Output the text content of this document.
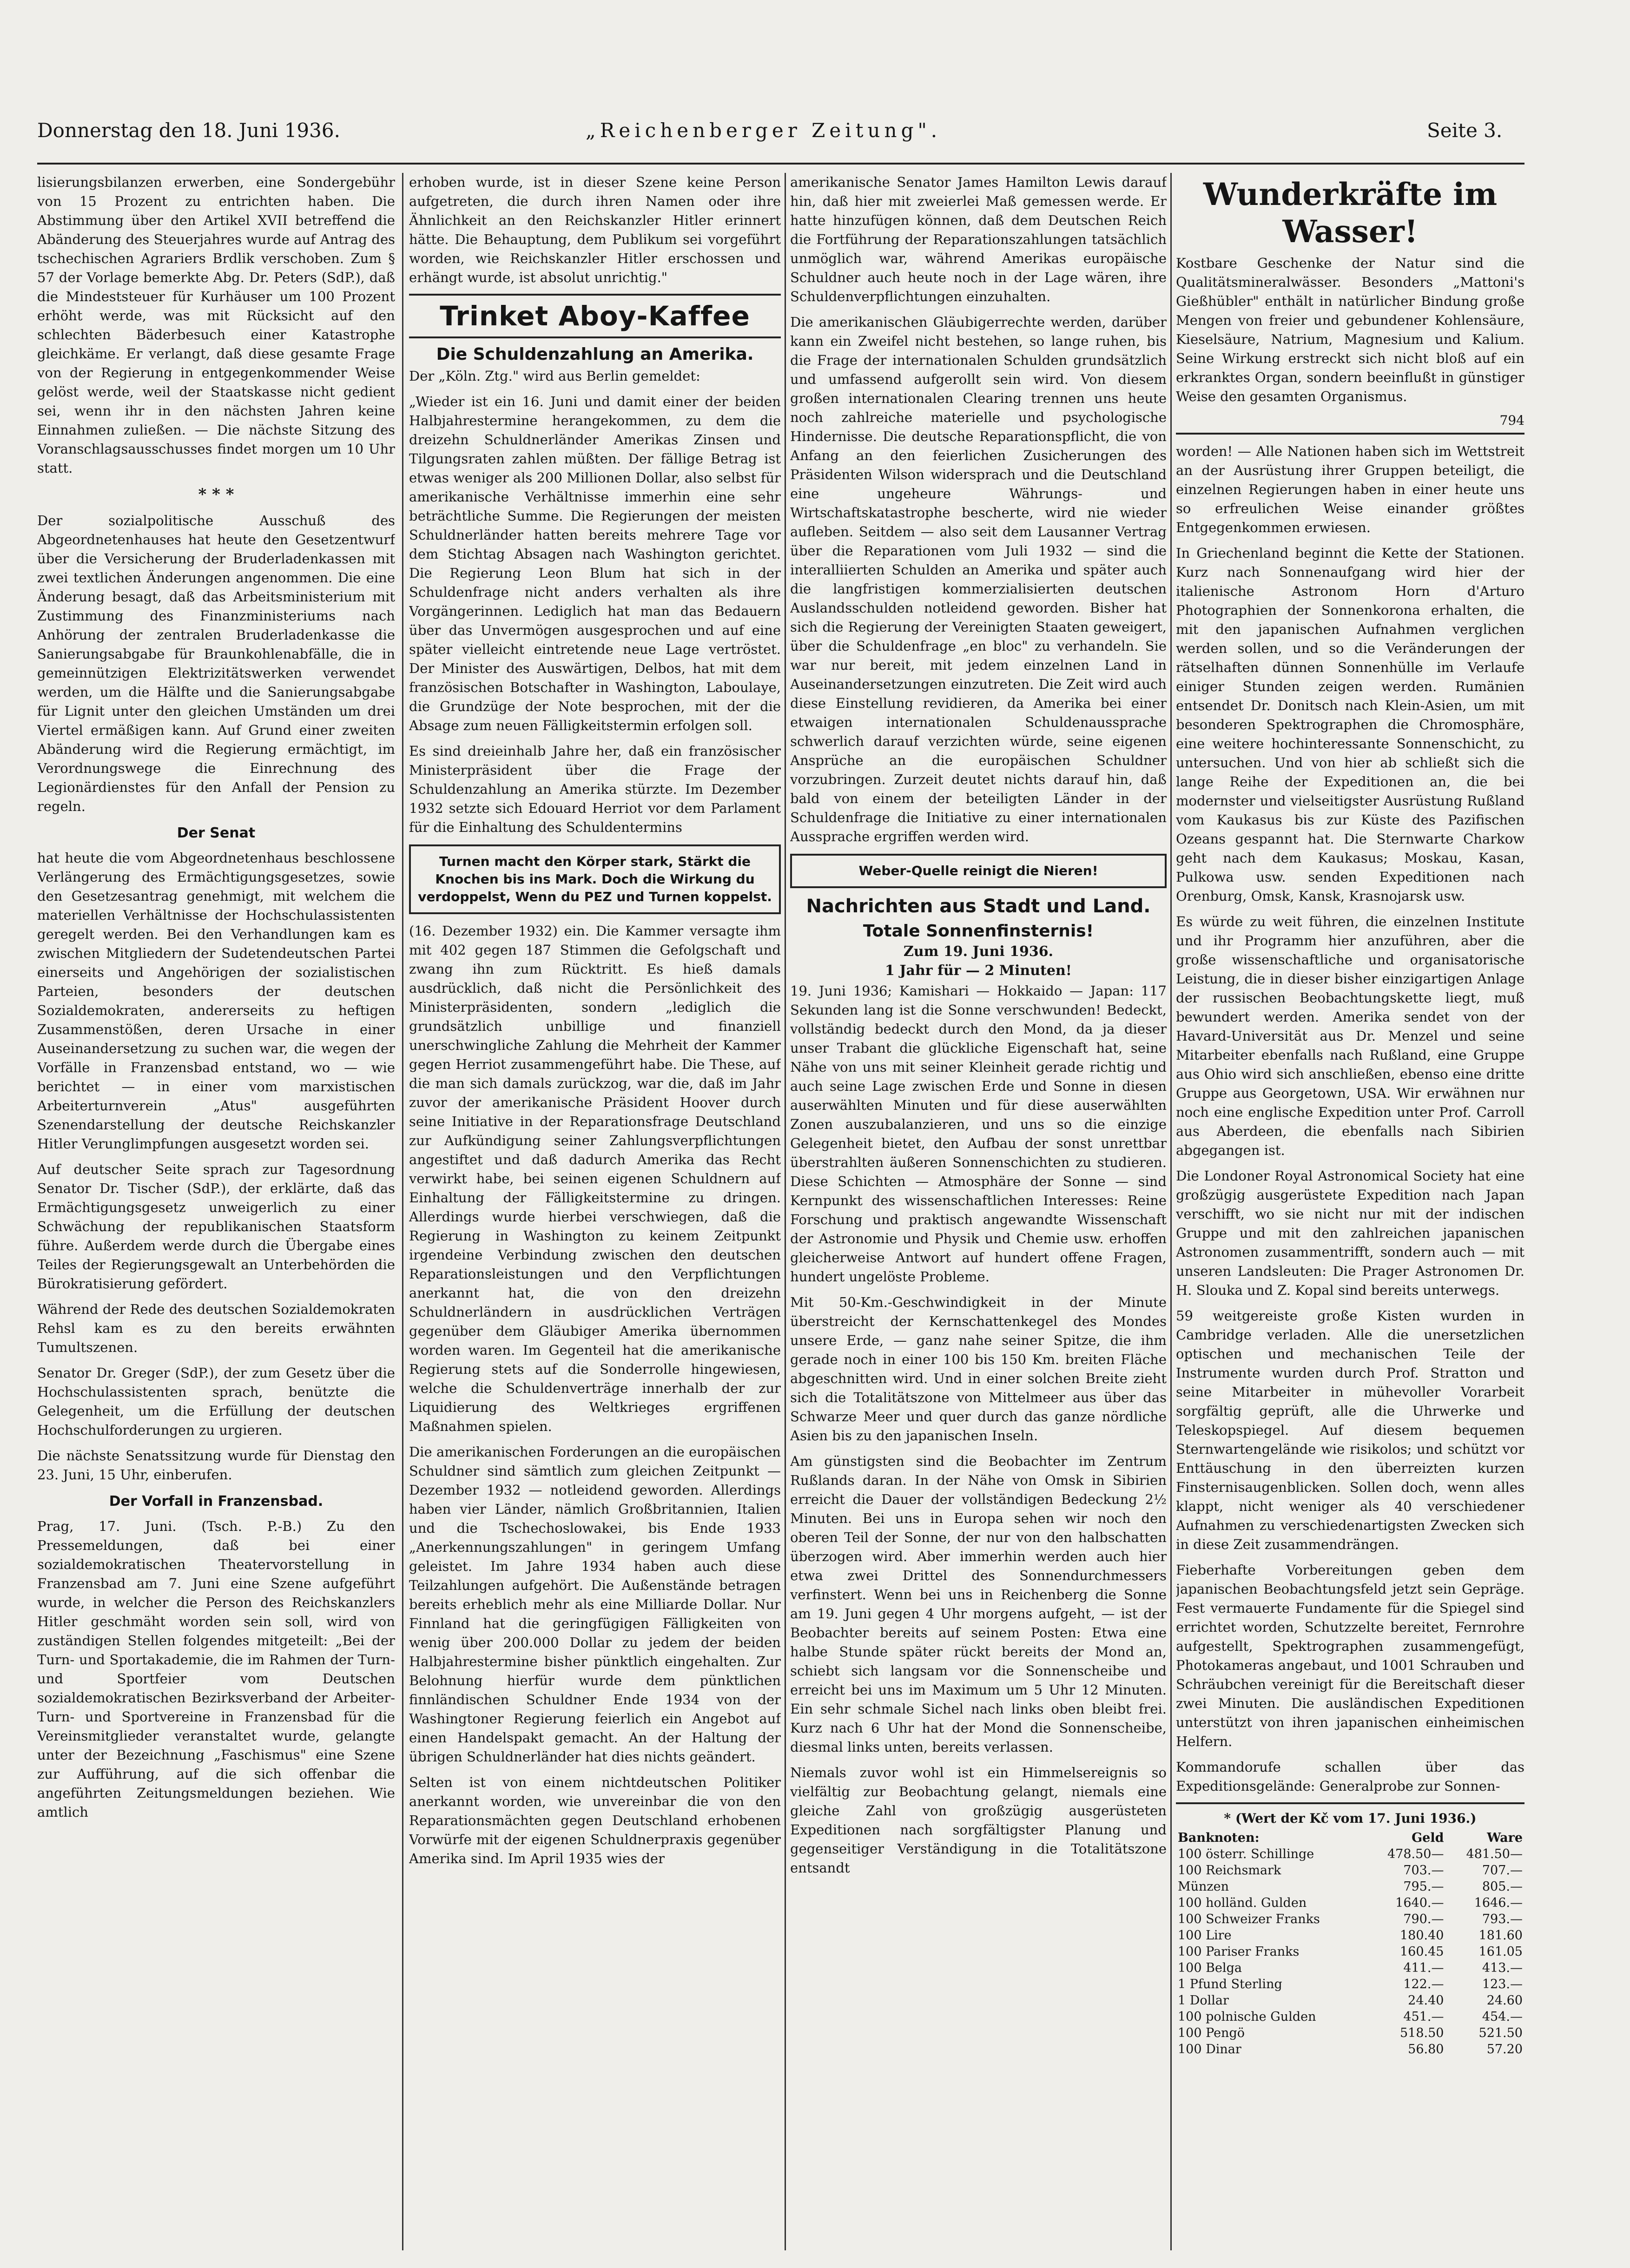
Donnerstag den 18. Juni 1936.	„Reichenberger Zeitung".	Seite 3.

lisierungsbilanzen erwerben, eine Sondergebühr von 15 Prozent zu entrichten haben. Die Abstimmung über den Artikel XVII betreffend die Abänderung des Steuerjahres wurde auf Antrag des tschechischen Agrariers Brdlik verschoben. Zum § 57 der Vorlage bemerkte Abg. Dr. Peters (SdP.), daß die Mindeststeuer für Kurhäuser um 100 Prozent erhöht werde, was mit Rücksicht auf den schlechten Bäderbesuch einer Katastrophe gleichkäme. Er verlangt, daß diese gesamte Frage von der Regierung in entgegenkommender Weise gelöst werde, weil der Staatskasse nicht gedient sei, wenn ihr in den nächsten Jahren keine Einnahmen zuließen. — Die nächste Sitzung des Voranschlagsausschusses findet morgen um 10 Uhr statt.

* * *

Der sozialpolitische Ausschuß des Abgeordnetenhauses hat heute den Gesetzentwurf über die Versicherung der Bruderladenkassen mit zwei textlichen Änderungen angenommen. Die eine Änderung besagt, daß das Arbeitsministerium mit Zustimmung des Finanzministeriums nach Anhörung der zentralen Bruderladenkasse die Sanierungsabgabe für Braunkohlenabfälle, die in gemeinnützigen Elektrizitätswerken verwendet werden, um die Hälfte und die Sanierungsabgabe für Lignit unter den gleichen Umständen um drei Viertel ermäßigen kann. Auf Grund einer zweiten Abänderung wird die Regierung ermächtigt, im Verordnungswege die Einrechnung des Legionärdienstes für den Anfall der Pension zu regeln.

Der Senat

hat heute die vom Abgeordnetenhaus beschlossene Verlängerung des Ermächtigungsgesetzes, sowie den Gesetzesantrag genehmigt, mit welchem die materiellen Verhältnisse der Hochschulassistenten geregelt werden. Bei den Verhandlungen kam es zwischen Mitgliedern der Sudetendeutschen Partei einerseits und Angehörigen der sozialistischen Parteien, besonders der deutschen Sozialdemokraten, andererseits zu heftigen Zusammenstößen, deren Ursache in einer Auseinandersetzung zu suchen war, die wegen der Vorfälle in Franzensbad entstand, wo — wie berichtet — in einer vom marxistischen Arbeiterturnverein „Atus" ausgeführten Szenendarstellung der deutsche Reichskanzler Hitler Verunglimpfungen ausgesetzt worden sei.

Auf deutscher Seite sprach zur Tagesordnung Senator Dr. Tischer (SdP.), der erklärte, daß das Ermächtigungsgesetz unweigerlich zu einer Schwächung der republikanischen Staatsform führe. Außerdem werde durch die Übergabe eines Teiles der Regierungsgewalt an Unterbehörden die Bürokratisierung gefördert.

Während der Rede des deutschen Sozialdemokraten Rehsl kam es zu den bereits erwähnten Tumultszenen.

Senator Dr. Greger (SdP.), der zum Gesetz über die Hochschulassistenten sprach, benützte die Gelegenheit, um die Erfüllung der deutschen Hochschulforderungen zu urgieren.

Die nächste Senatssitzung wurde für Dienstag den 23. Juni, 15 Uhr, einberufen.

Der Vorfall in Franzensbad.

Prag, 17. Juni. (Tsch. P.-B.) Zu den Pressemeldungen, daß bei einer sozialdemokratischen Theatervorstellung in Franzensbad am 7. Juni eine Szene aufgeführt wurde, in welcher die Person des Reichskanzlers Hitler geschmäht worden sein soll, wird von zuständigen Stellen folgendes mitgeteilt: „Bei der Turn- und Sportakademie, die im Rahmen der Turn- und Sportfeier vom Deutschen sozialdemokratischen Bezirksverband der Arbeiter-Turn- und Sportvereine in Franzensbad für die Vereinsmitglieder veranstaltet wurde, gelangte unter der Bezeichnung „Faschismus" eine Szene zur Aufführung, auf die sich offenbar die angeführten Zeitungsmeldungen beziehen. Wie amtlich

erhoben wurde, ist in dieser Szene keine Person aufgetreten, die durch ihren Namen oder ihre Ähnlichkeit an den Reichskanzler Hitler erinnert hätte. Die Behauptung, dem Publikum sei vorgeführt worden, wie Reichskanzler Hitler erschossen und erhängt wurde, ist absolut unrichtig."

Trinket Aboy-Kaffee
Die Schuldenzahlung an Amerika.

Der „Köln. Ztg." wird aus Berlin gemeldet:

„Wieder ist ein 16. Juni und damit einer der beiden Halbjahrestermine herangekommen, zu dem die dreizehn Schuldnerländer Amerikas Zinsen und Tilgungsraten zahlen müßten. Der fällige Betrag ist etwas weniger als 200 Millionen Dollar, also selbst für amerikanische Verhältnisse immerhin eine sehr beträchtliche Summe. Die Regierungen der meisten Schuldnerländer hatten bereits mehrere Tage vor dem Stichtag Absagen nach Washington gerichtet. Die Regierung Leon Blum hat sich in der Schuldenfrage nicht anders verhalten als ihre Vorgängerinnen. Lediglich hat man das Bedauern über das Unvermögen ausgesprochen und auf eine später vielleicht eintretende neue Lage vertröstet. Der Minister des Auswärtigen, Delbos, hat mit dem französischen Botschafter in Washington, Laboulaye, die Grundzüge der Note besprochen, mit der die Absage zum neuen Fälligkeitstermin erfolgen soll.

Es sind dreieinhalb Jahre her, daß ein französischer Ministerpräsident über die Frage der Schuldenzahlung an Amerika stürzte. Im Dezember 1932 setzte sich Edouard Herriot vor dem Parlament für die Einhaltung des Schuldentermins

Turnen macht den Körper stark, Stärkt die Knochen bis ins Mark. Doch die Wirkung du verdoppelst, Wenn du PEZ und Turnen koppelst.

(16. Dezember 1932) ein. Die Kammer versagte ihm mit 402 gegen 187 Stimmen die Gefolgschaft und zwang ihn zum Rücktritt. Es hieß damals ausdrücklich, daß nicht die Persönlichkeit des Ministerpräsidenten, sondern „lediglich die grundsätzlich unbillige und finanziell unerschwingliche Zahlung die Mehrheit der Kammer gegen Herriot zusammengeführt habe. Die These, auf die man sich damals zurückzog, war die, daß im Jahr zuvor der amerikanische Präsident Hoover durch seine Initiative in der Reparationsfrage Deutschland zur Aufkündigung seiner Zahlungsverpflichtungen angestiftet und daß dadurch Amerika das Recht verwirkt habe, bei seinen eigenen Schuldnern auf Einhaltung der Fälligkeitstermine zu dringen. Allerdings wurde hierbei verschwiegen, daß die Regierung in Washington zu keinem Zeitpunkt irgendeine Verbindung zwischen den deutschen Reparationsleistungen und den Verpflichtungen anerkannt hat, die von den dreizehn Schuldnerländern in ausdrücklichen Verträgen gegenüber dem Gläubiger Amerika übernommen worden waren. Im Gegenteil hat die amerikanische Regierung stets auf die Sonderrolle hingewiesen, welche die Schuldenverträge innerhalb der zur Liquidierung des Weltkrieges ergriffenen Maßnahmen spielen.

Die amerikanischen Forderungen an die europäischen Schuldner sind sämtlich zum gleichen Zeitpunkt — Dezember 1932 — notleidend geworden. Allerdings haben vier Länder, nämlich Großbritannien, Italien und die Tschechoslowakei, bis Ende 1933 „Anerkennungszahlungen" in geringem Umfang geleistet. Im Jahre 1934 haben auch diese Teilzahlungen aufgehört. Die Außenstände betragen bereits erheblich mehr als eine Milliarde Dollar. Nur Finnland hat die geringfügigen Fälligkeiten von wenig über 200.000 Dollar zu jedem der beiden Halbjahrestermine bisher pünktlich eingehalten. Zur Belohnung hierfür wurde dem pünktlichen finnländischen Schuldner Ende 1934 von der Washingtoner Regierung feierlich ein Angebot auf einen Handelspakt gemacht. An der Haltung der übrigen Schuldnerländer hat dies nichts geändert.

Selten ist von einem nichtdeutschen Politiker anerkannt worden, wie unvereinbar die von den Reparationsmächten gegen Deutschland erhobenen Vorwürfe mit der eigenen Schuldnerpraxis gegenüber Amerika sind. Im April 1935 wies der

amerikanische Senator James Hamilton Lewis darauf hin, daß hier mit zweierlei Maß gemessen werde. Er hatte hinzufügen können, daß dem Deutschen Reich die Fortführung der Reparationszahlungen tatsächlich unmöglich war, während Amerikas europäische Schuldner auch heute noch in der Lage wären, ihre Schuldenverpflichtungen einzuhalten.

Die amerikanischen Gläubigerrechte werden, darüber kann ein Zweifel nicht bestehen, so lange ruhen, bis die Frage der internationalen Schulden grundsätzlich und umfassend aufgerollt sein wird. Von diesem großen internationalen Clearing trennen uns heute noch zahlreiche materielle und psychologische Hindernisse. Die deutsche Reparationspflicht, die von Anfang an den feierlichen Zusicherungen des Präsidenten Wilson widersprach und die Deutschland eine ungeheure Währungs- und Wirtschaftskatastrophe bescherte, wird nie wieder aufleben. Seitdem — also seit dem Lausanner Vertrag über die Reparationen vom Juli 1932 — sind die interalliierten Schulden an Amerika und später auch die langfristigen kommerzialisierten deutschen Auslandsschulden notleidend geworden. Bisher hat sich die Regierung der Vereinigten Staaten geweigert, über die Schuldenfrage „en bloc" zu verhandeln. Sie war nur bereit, mit jedem einzelnen Land in Auseinandersetzungen einzutreten. Die Zeit wird auch diese Einstellung revidieren, da Amerika bei einer etwaigen internationalen Schuldenaussprache schwerlich darauf verzichten würde, seine eigenen Ansprüche an die europäischen Schuldner vorzubringen. Zurzeit deutet nichts darauf hin, daß bald von einem der beteiligten Länder in der Schuldenfrage die Initiative zu einer internationalen Aussprache ergriffen werden wird.

Weber-Quelle reinigt die Nieren!
Nachrichten aus Stadt und Land.
Totale Sonnenfinsternis!
Zum 19. Juni 1936.
1 Jahr für — 2 Minuten!

19. Juni 1936; Kamishari — Hokkaido — Japan: 117 Sekunden lang ist die Sonne verschwunden! Bedeckt, vollständig bedeckt durch den Mond, da ja dieser unser Trabant die glückliche Eigenschaft hat, seine Nähe von uns mit seiner Kleinheit gerade richtig und auch seine Lage zwischen Erde und Sonne in diesen auserwählten Minuten und für diese auserwählten Zonen auszubalanzieren, und uns so die einzige Gelegenheit bietet, den Aufbau der sonst unrettbar überstrahlten äußeren Sonnenschichten zu studieren. Diese Schichten — Atmosphäre der Sonne — sind Kernpunkt des wissenschaftlichen Interesses: Reine Forschung und praktisch angewandte Wissenschaft der Astronomie und Physik und Chemie usw. erhoffen gleicherweise Antwort auf hundert offene Fragen, hundert ungelöste Probleme.

Mit 50-Km.-Geschwindigkeit in der Minute überstreicht der Kernschattenkegel des Mondes unsere Erde, — ganz nahe seiner Spitze, die ihm gerade noch in einer 100 bis 150 Km. breiten Fläche abgeschnitten wird. Und in einer solchen Breite zieht sich die Totalitätszone von Mittelmeer aus über das Schwarze Meer und quer durch das ganze nördliche Asien bis zu den japanischen Inseln.

Am günstigsten sind die Beobachter im Zentrum Rußlands daran. In der Nähe von Omsk in Sibirien erreicht die Dauer der vollständigen Bedeckung 2½ Minuten. Bei uns in Europa sehen wir noch den oberen Teil der Sonne, der nur von den halbschatten überzogen wird. Aber immerhin werden auch hier etwa zwei Drittel des Sonnendurchmessers verfinstert. Wenn bei uns in Reichenberg die Sonne am 19. Juni gegen 4 Uhr morgens aufgeht, — ist der Beobachter bereits auf seinem Posten: Etwa eine halbe Stunde später rückt bereits der Mond an, schiebt sich langsam vor die Sonnenscheibe und erreicht bei uns im Maximum um 5 Uhr 12 Minuten. Ein sehr schmale Sichel nach links oben bleibt frei. Kurz nach 6 Uhr hat der Mond die Sonnenscheibe, diesmal links unten, bereits verlassen.

Niemals zuvor wohl ist ein Himmelsereignis so vielfältig zur Beobachtung gelangt, niemals eine gleiche Zahl von großzügig ausgerüsteten Expeditionen nach sorgfältigster Planung und gegenseitiger Verständigung in die Totalitätszone entsandt

Wunderkräfte im Wasser!

Kostbare Geschenke der Natur sind die Qualitätsmineralwässer. Besonders „Mattoni's Gießhübler" enthält in natürlicher Bindung große Mengen von freier und gebundener Kohlensäure, Kieselsäure, Natrium, Magnesium und Kalium. Seine Wirkung erstreckt sich nicht bloß auf ein erkranktes Organ, sondern beeinflußt in günstiger Weise den gesamten Organismus.

794

worden! — Alle Nationen haben sich im Wettstreit an der Ausrüstung ihrer Gruppen beteiligt, die einzelnen Regierungen haben in einer heute uns so erfreulichen Weise einander größtes Entgegenkommen erwiesen.

In Griechenland beginnt die Kette der Stationen. Kurz nach Sonnenaufgang wird hier der italienische Astronom Horn d'Arturo Photographien der Sonnenkorona erhalten, die mit den japanischen Aufnahmen verglichen werden sollen, und so die Veränderungen der rätselhaften dünnen Sonnenhülle im Verlaufe einiger Stunden zeigen werden. Rumänien entsendet Dr. Donitsch nach Klein-Asien, um mit besonderen Spektrographen die Chromosphäre, eine weitere hochinteressante Sonnenschicht, zu untersuchen. Und von hier ab schließt sich die lange Reihe der Expeditionen an, die bei modernster und vielseitigster Ausrüstung Rußland vom Kaukasus bis zur Küste des Pazifischen Ozeans gespannt hat. Die Sternwarte Charkow geht nach dem Kaukasus; Moskau, Kasan, Pulkowa usw. senden Expeditionen nach Orenburg, Omsk, Kansk, Krasnojarsk usw.

Es würde zu weit führen, die einzelnen Institute und ihr Programm hier anzuführen, aber die große wissenschaftliche und organisatorische Leistung, die in dieser bisher einzigartigen Anlage der russischen Beobachtungskette liegt, muß bewundert werden. Amerika sendet von der Havard-Universität aus Dr. Menzel und seine Mitarbeiter ebenfalls nach Rußland, eine Gruppe aus Ohio wird sich anschließen, ebenso eine dritte Gruppe aus Georgetown, USA. Wir erwähnen nur noch eine englische Expedition unter Prof. Carroll aus Aberdeen, die ebenfalls nach Sibirien abgegangen ist.

Die Londoner Royal Astronomical Society hat eine großzügig ausgerüstete Expedition nach Japan verschifft, wo sie nicht nur mit der indischen Gruppe und mit den zahlreichen japanischen Astronomen zusammentrifft, sondern auch — mit unseren Landsleuten: Die Prager Astronomen Dr. H. Slouka und Z. Kopal sind bereits unterwegs.

59 weitgereiste große Kisten wurden in Cambridge verladen. Alle die unersetzlichen optischen und mechanischen Teile der Instrumente wurden durch Prof. Stratton und seine Mitarbeiter in mühevoller Vorarbeit sorgfältig geprüft, alle die Uhrwerke und Teleskopspiegel. Auf diesem bequemen Sternwartengelände wie risikolos; und schützt vor Enttäuschung in den überreizten kurzen Finsternisaugenblicken. Sollen doch, wenn alles klappt, nicht weniger als 40 verschiedener Aufnahmen zu verschiedenartigsten Zwecken sich in diese Zeit zusammendrängen.

Fieberhafte Vorbereitungen geben dem japanischen Beobachtungsfeld jetzt sein Gepräge. Fest vermauerte Fundamente für die Spiegel sind errichtet worden, Schutzzelte bereitet, Fernrohre aufgestellt, Spektrographen zusammengefügt, Photokameras angebaut, und 1001 Schrauben und Schräubchen vereinigt für die Bereitschaft dieser zwei Minuten. Die ausländischen Expeditionen unterstützt von ihren japanischen einheimischen Helfern.

Kommandorufe schallen über das Expeditionsgelände: Generalprobe zur Sonnen-

* (Wert der Kč vom 17. Juni 1936.)
Banknoten:	Geld	Ware
100 österr. Schillinge	478.50—	481.50—
100 Reichsmark	703.—	707.—
Münzen	795.—	805.—
100 holländ. Gulden	1640.—	1646.—
100 Schweizer Franks	790.—	793.—
100 Lire	180.40	181.60
100 Pariser Franks	160.45	161.05
100 Belga	411.—	413.—
1 Pfund Sterling	122.—	123.—
1 Dollar	24.40	24.60
100 polnische Gulden	451.—	454.—
100 Pengö	518.50	521.50
100 Dinar	56.80	57.20
